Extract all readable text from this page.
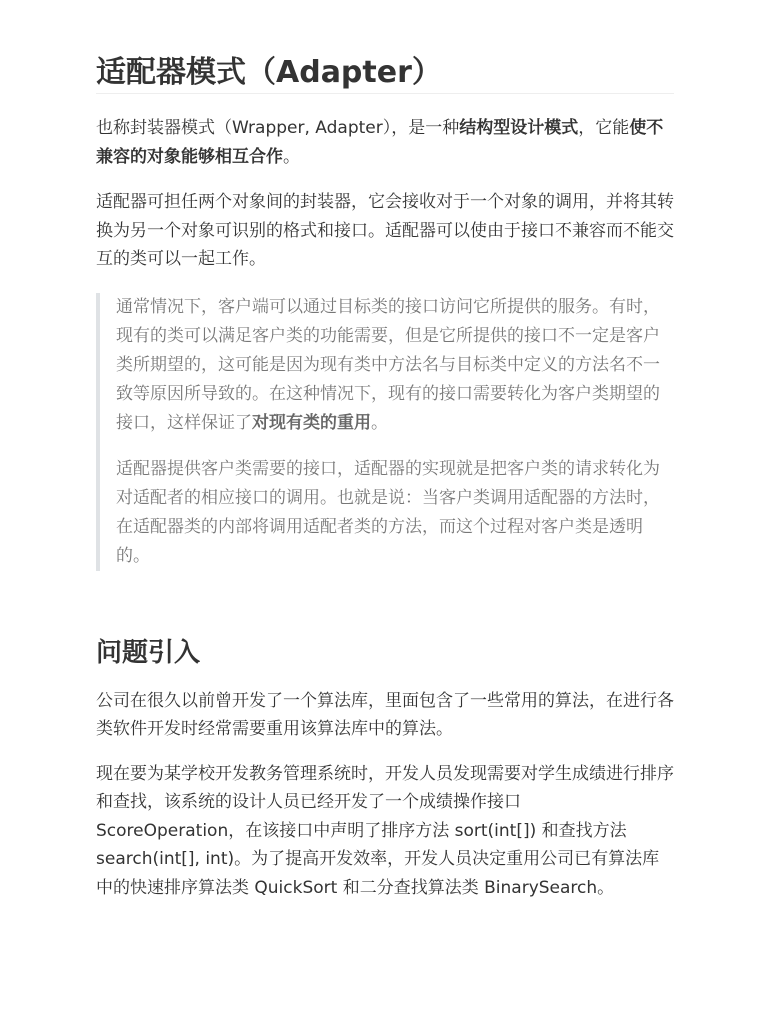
适配器模式（Adapter）

也称封装器模式（Wrapper, Adapter），是一种结构型设计模式，它能使不兼容的对象能够相互合作。

适配器可担任两个对象间的封装器，它会接收对于一个对象的调用，并将其转换为另一个对象可识别的格式和接口。适配器可以使由于接口不兼容而不能交互的类可以一起工作。

通常情况下，客户端可以通过目标类的接口访问它所提供的服务。有时，现有的类可以满足客户类的功能需要，但是它所提供的接口不一定是客户类所期望的，这可能是因为现有类中方法名与目标类中定义的方法名不一致等原因所导致的。在这种情况下，现有的接口需要转化为客户类期望的接口，这样保证了对现有类的重用。

适配器提供客户类需要的接口，适配器的实现就是把客户类的请求转化为对适配者的相应接口的调用。也就是说：当客户类调用适配器的方法时，在适配器类的内部将调用适配者类的方法，而这个过程对客户类是透明的。

问题引入

公司在很久以前曾开发了一个算法库，里面包含了一些常用的算法，在进行各类软件开发时经常需要重用该算法库中的算法。

现在要为某学校开发教务管理系统时，开发人员发现需要对学生成绩进行排序和查找，该系统的设计人员已经开发了一个成绩操作接口 ScoreOperation，在该接口中声明了排序方法 sort(int[]) 和查找方法 search(int[], int)。为了提高开发效率，开发人员决定重用公司已有算法库中的快速排序算法类 QuickSort 和二分查找算法类 BinarySearch。
